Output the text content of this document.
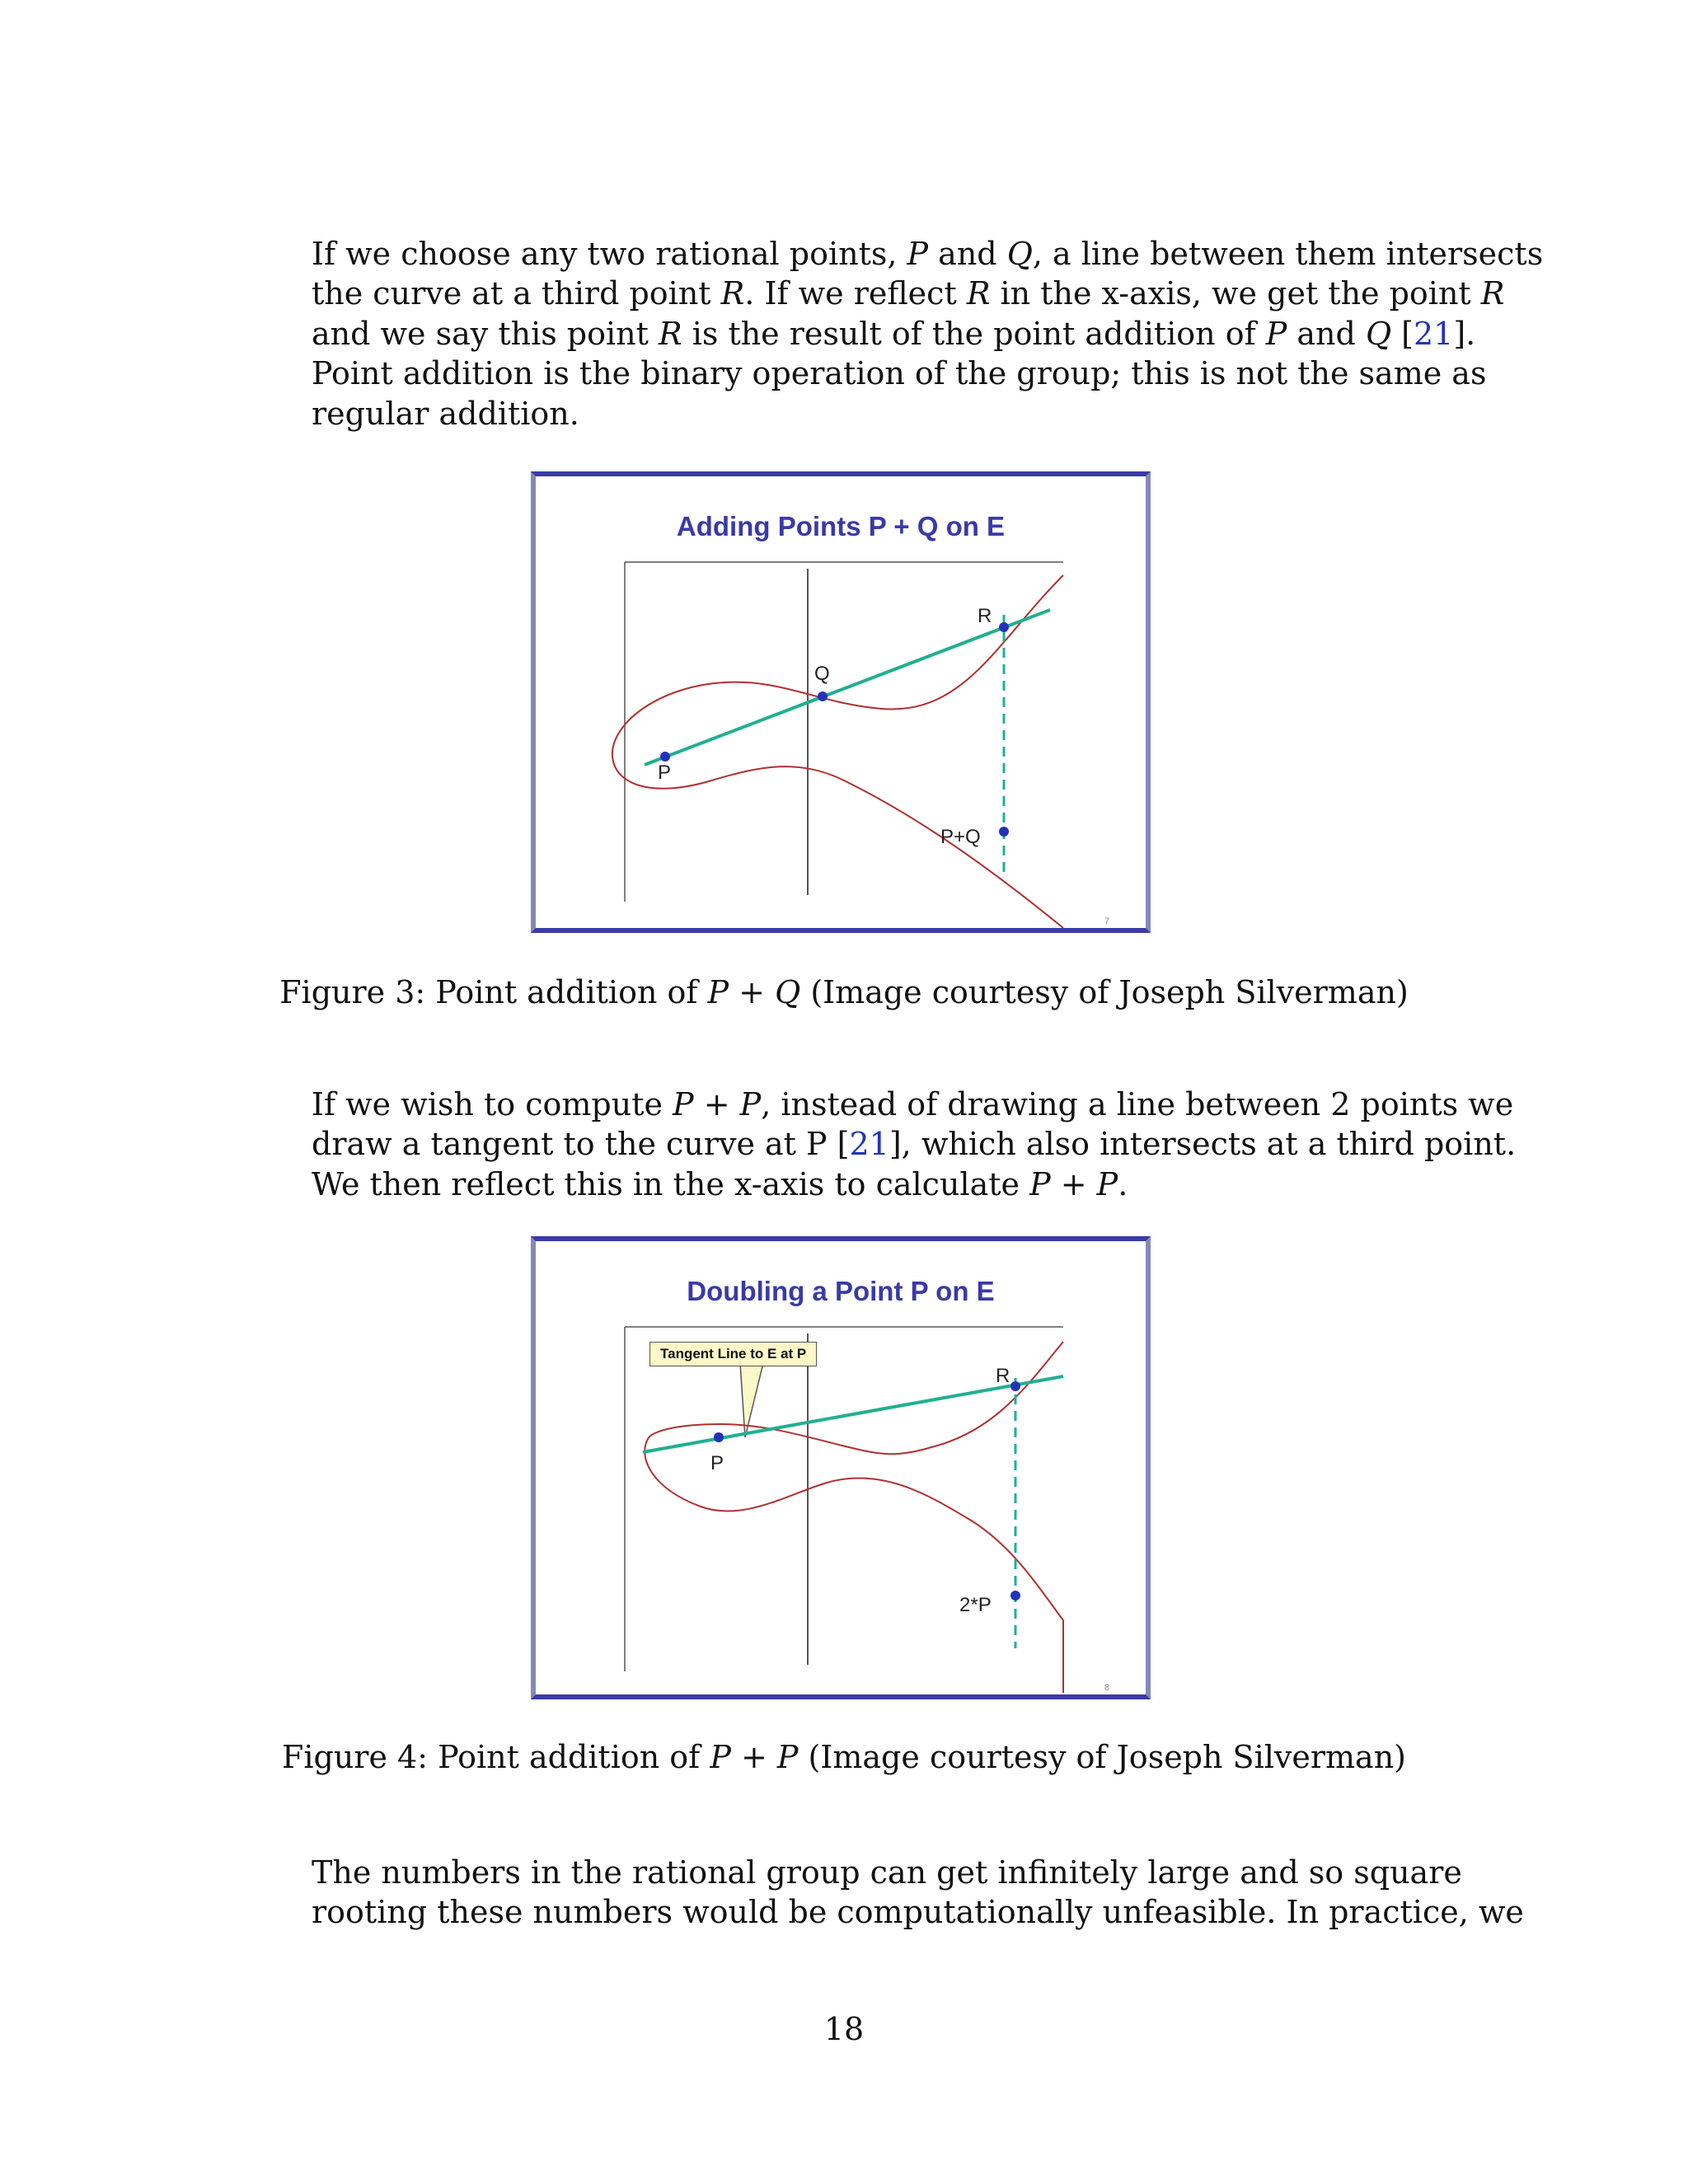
If we choose any two rational points, P and Q, a line between them intersects
the curve at a third point R. If we reflect R in the x-axis, we get the point R
and we say this point R is the result of the point addition of P and Q [21].
Point addition is the binary operation of the group; this is not the same as
regular addition.
Adding Points P + Q on E
P
Q
R
P+Q
7
Figure 3: Point addition of P + Q (Image courtesy of Joseph Silverman)
If we wish to compute P + P, instead of drawing a line between 2 points we
draw a tangent to the curve at P [21], which also intersects at a third point.
We then reflect this in the x-axis to calculate P + P.
Doubling a Point P on E
Tangent Line to E at P
P
R
2*P
8
Figure 4: Point addition of P + P (Image courtesy of Joseph Silverman)
The numbers in the rational group can get infinitely large and so square
rooting these numbers would be computationally unfeasible. In practice, we
18
